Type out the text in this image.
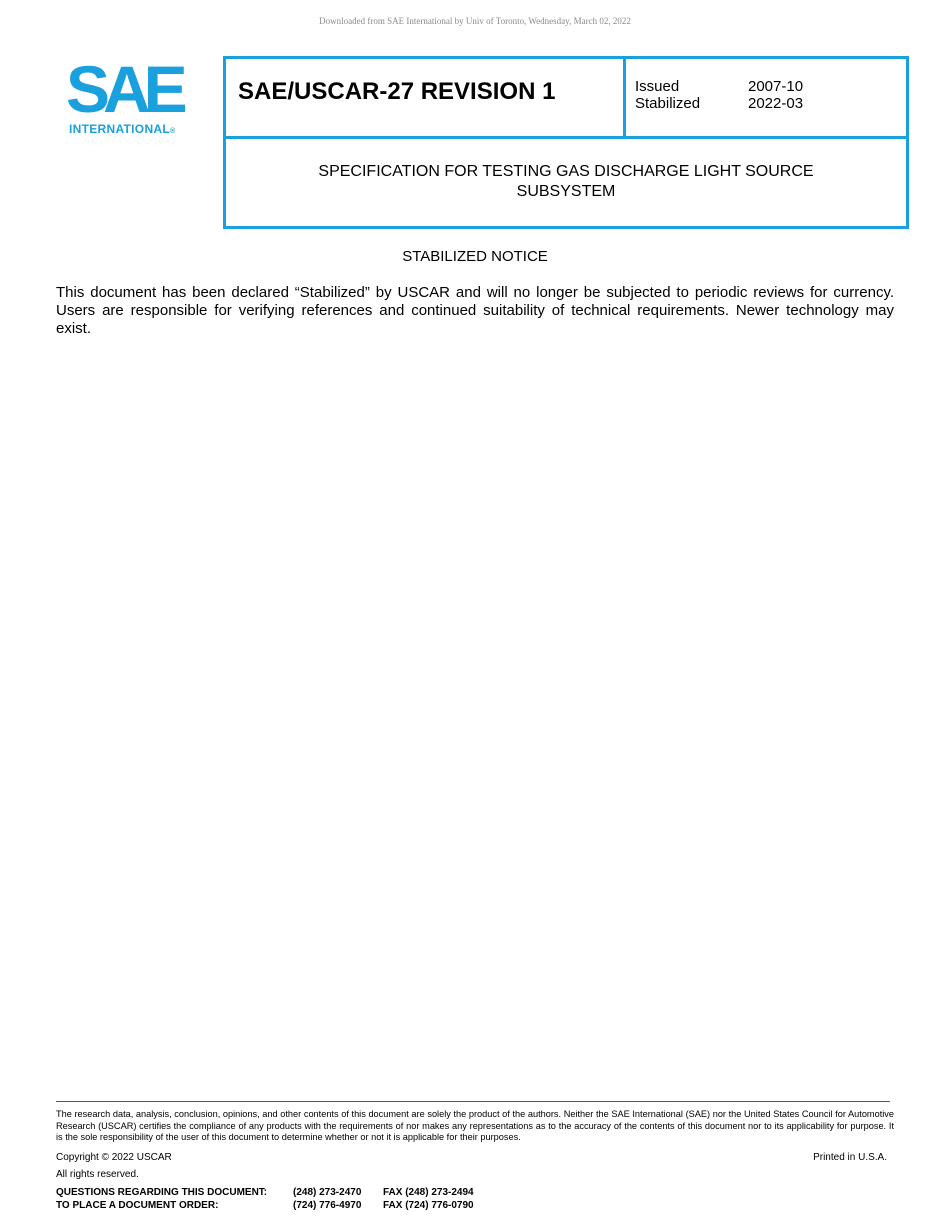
Downloaded from SAE International by Univ of Toronto, Wednesday, March 02, 2022
SAE
INTERNATIONAL®
SAE/USCAR-27 REVISION 1	Issued	2007-10
Stabilized	2022-03
SPECIFICATION FOR TESTING GAS DISCHARGE LIGHT SOURCE
SUBSYSTEM
STABILIZED NOTICE

This document has been declared “Stabilized” by USCAR and will no longer be subjected to periodic reviews for currency. Users are responsible for verifying references and continued suitability of technical requirements. Newer technology may exist.

The research data, analysis, conclusion, opinions, and other contents of this document are solely the product of the authors. Neither the SAE International (SAE) nor the United States Council for Automotive Research (USCAR) certifies the compliance of any products with the requirements of nor makes any representations as to the accuracy of the contents of this document nor to its applicability for purpose. It is the sole responsibility of the user of this document to determine whether or not it is applicable for their purposes.

Copyright © 2022 USCAR	Printed in U.S.A.
All rights reserved.
QUESTIONS REGARDING THIS DOCUMENT:	(248) 273-2470	FAX (248) 273-2494
TO PLACE A DOCUMENT ORDER:	(724) 776-4970	FAX (724) 776-0790
